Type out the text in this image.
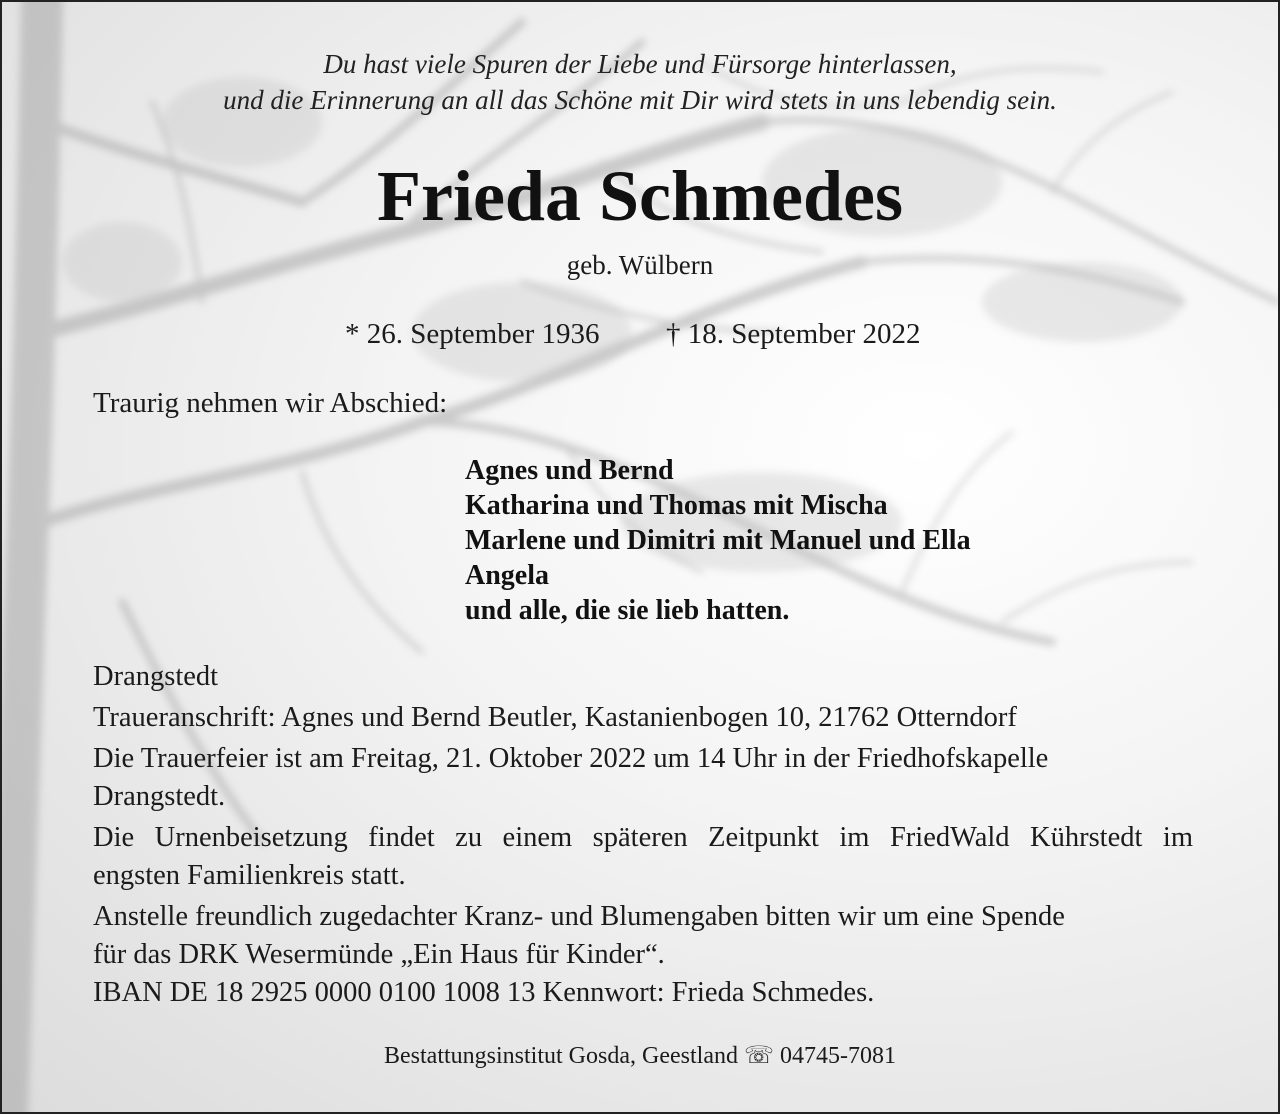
Du hast viele Spuren der Liebe und Fürsorge hinterlassen,
und die Erinnerung an all das Schöne mit Dir wird stets in uns lebendig sein.
Frieda Schmedes
geb. Wülbern
* 26. September 1936 † 18. September 2022
Traurig nehmen wir Abschied:
Agnes und Bernd
Katharina und Thomas mit Mischa
Marlene und Dimitri mit Manuel und Ella
Angela
und alle, die sie lieb hatten.
Drangstedt
Traueranschrift: Agnes und Bernd Beutler, Kastanienbogen 10, 21762 Otterndorf
Die Trauerfeier ist am Freitag, 21. Oktober 2022 um 14 Uhr in der Friedhofskapelle
Drangstedt.
Die Urnenbeisetzung findet zu einem späteren Zeitpunkt im FriedWald Kührstedt im
engsten Familienkreis statt.
Anstelle freundlich zugedachter Kranz- und Blumengaben bitten wir um eine Spende
für das DRK Wesermünde „Ein Haus für Kinder“.
IBAN DE 18 2925 0000 0100 1008 13 Kennwort: Frieda Schmedes.
Bestattungsinstitut Gosda, Geestland ☏ 04745-7081
